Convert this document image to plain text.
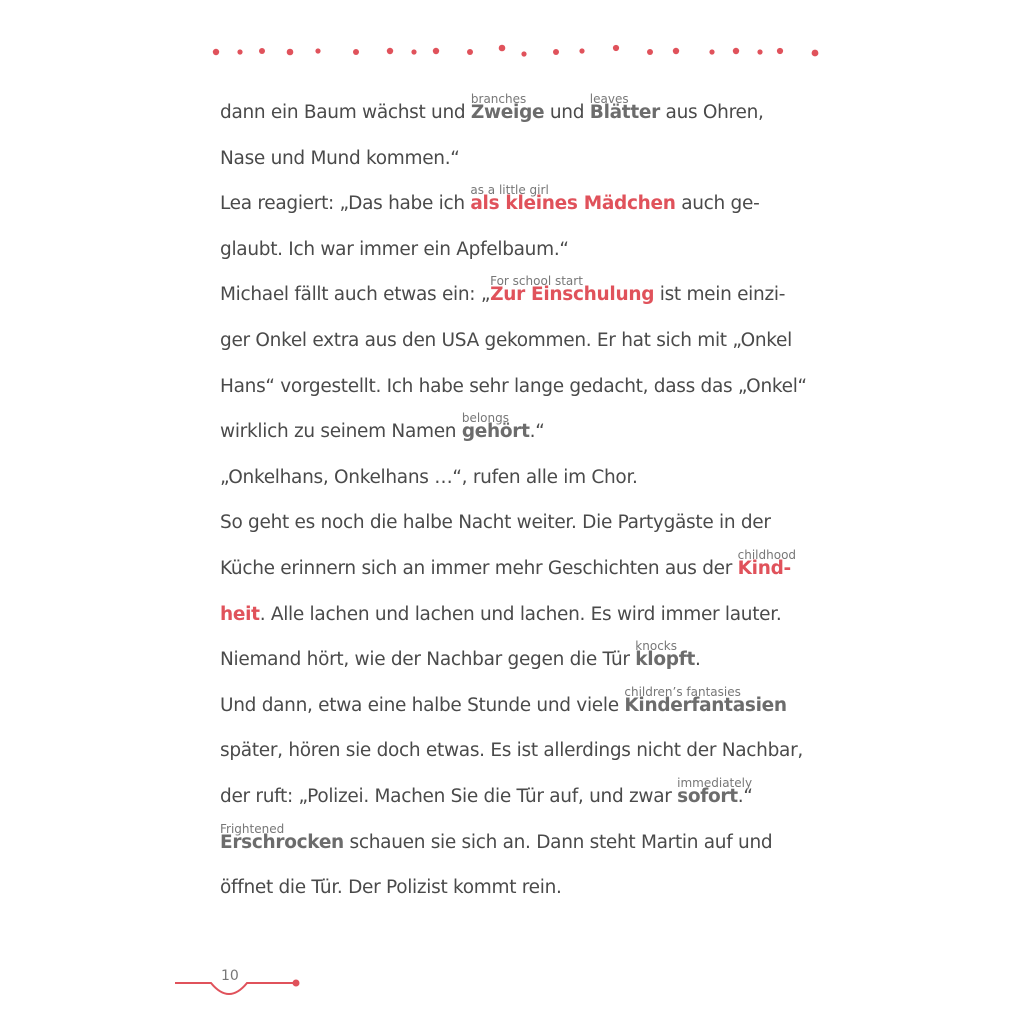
dann ein Baum wächst und
branches
Zweige und
leaves
Blätter aus Ohren,
Nase und Mund kommen.“
Lea reagiert: „Das habe ich
as a little girl
als kleines Mädchen auch ge-
glaubt. Ich war immer ein Apfelbaum.“
Michael fällt auch etwas ein: „
For school start
Zur Einschulung ist mein einzi-
ger Onkel extra aus den USA gekommen. Er hat sich mit „Onkel
Hans“ vorgestellt. Ich habe sehr lange gedacht, dass das „Onkel“
wirklich zu seinem Namen
belongs
gehört.“
„Onkelhans, Onkelhans …“, rufen alle im Chor.
So geht es noch die halbe Nacht weiter. Die Partygäste in der
Küche erinnern sich an immer mehr Geschichten aus der
childhood
Kind-
heit. Alle lachen und lachen und lachen. Es wird immer lauter.
Niemand hört, wie der Nachbar gegen die Tür
knocks
klopft.
Und dann, etwa eine halbe Stunde und viele
children’s fantasies
Kinderfantasien
später, hören sie doch etwas. Es ist allerdings nicht der Nachbar,
der ruft: „Polizei. Machen Sie die Tür auf, und zwar
immediately
sofort.“
Frightened
Erschrocken schauen sie sich an. Dann steht Martin auf und
öffnet die Tür. Der Polizist kommt rein.
10
